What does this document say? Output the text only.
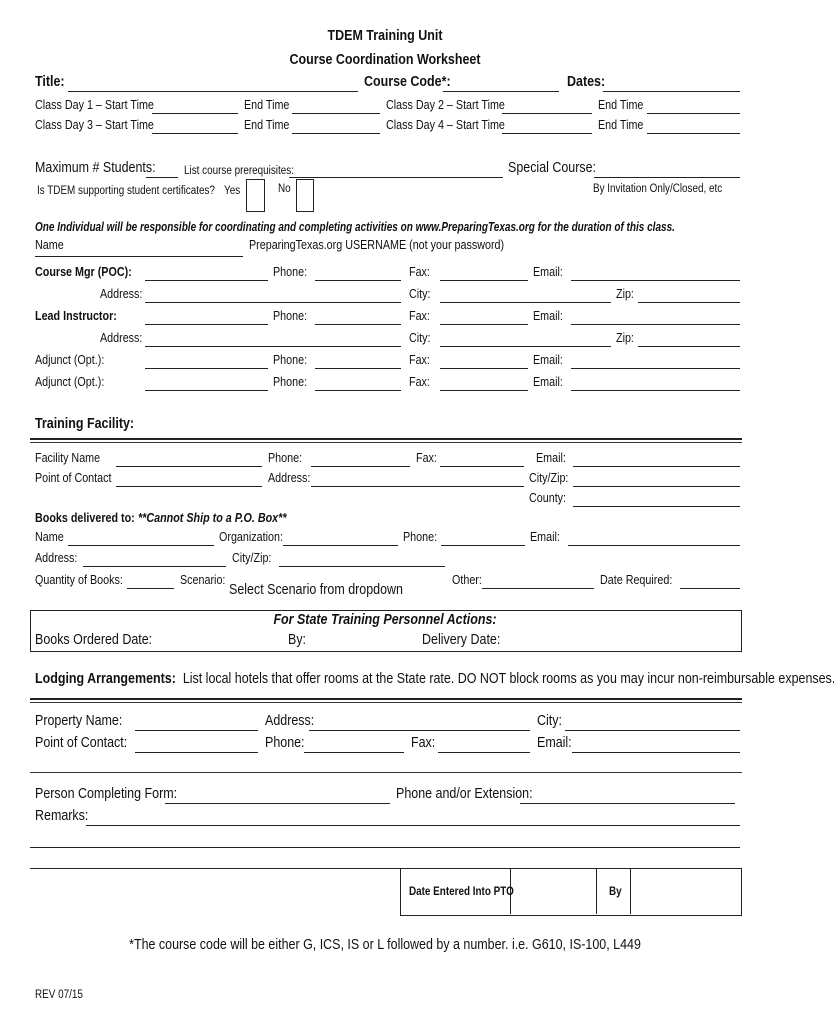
TDEM Training Unit
Course Coordination Worksheet
Title:	Course Code*:	Dates:
Class Day 1 – Start Time	End Time	Class Day 2 – Start Time	End Time
Class Day 3 – Start Time	End Time	Class Day 4 – Start Time	End Time
Maximum # Students: List course prerequisites:	Special Course:
Is TDEM supporting student certificates? Yes	No	By Invitation Only/Closed, etc
One Individual will be responsible for coordinating and completing activities on www.PreparingTexas.org for the duration of this class.
Name	PreparingTexas.org USERNAME (not your password)
Course Mgr (POC):	Phone:	Fax:	Email:
Address:	City:	Zip:
Lead Instructor:	Phone:	Fax:	Email:
Address:	City:	Zip:
Adjunct (Opt.):	Phone:	Fax:	Email:
Adjunct (Opt.):	Phone:	Fax:	Email:
Training Facility:
Facility Name	Phone:	Fax:	Email:
Point of Contact	Address:	City/Zip:
County:
Books delivered to: **Cannot Ship to a P.O. Box**
Name	Organization:	Phone:	Email:
Address:	City/Zip:
Quantity of Books:	Scenario:
Select Scenario from dropdown
Other:	Date Required:
For State Training Personnel Actions:
Books Ordered Date:	By:	Delivery Date:
Lodging Arrangements: List local hotels that offer rooms at the State rate. DO NOT block rooms as you may incur non-reimbursable expenses.
Property Name:	Address:	City:
Point of Contact:	Phone:	Fax:	Email:
Person Completing Form:	Phone and/or Extension:
Remarks:
Date Entered Into PTO	By
*The course code will be either G, ICS, IS or L followed by a number. i.e. G610, IS-100, L449
REV 07/15
